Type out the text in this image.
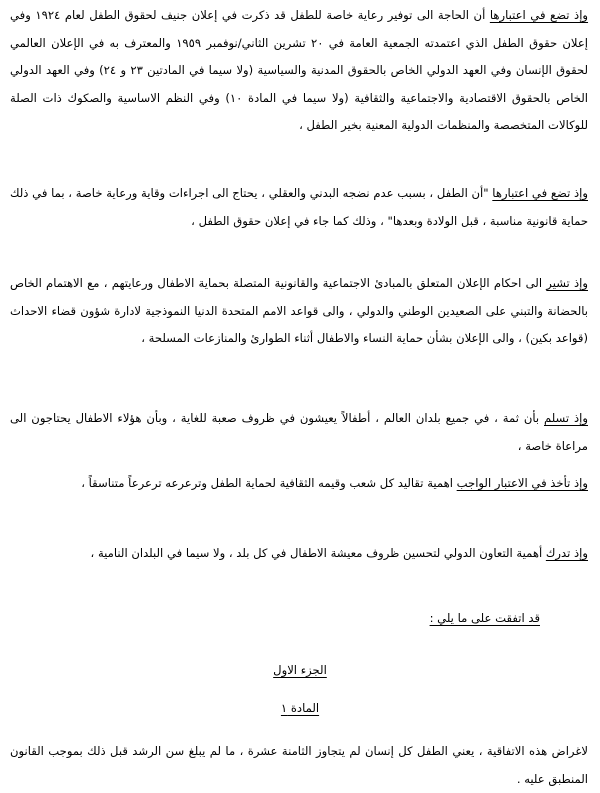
وإذ تضع في اعتبارها أن الحاجة الى توفير رعاية خاصة للطفل قد ذكرت في إعلان جنيف لحقوق الطفل لعام ١٩٢٤ وفي إعلان حقوق الطفل الذي اعتمدته الجمعية العامة في ٢٠ تشرين الثاني/نوفمبر ١٩٥٩ والمعترف به في الإعلان العالمي لحقوق الإنسان وفي العهد الدولي الخاص بالحقوق المدنية والسياسية (ولا سيما في المادتين ٢٣ و ٢٤) وفي العهد الدولي الخاص بالحقوق الاقتصادية والاجتماعية والثقافية (ولا سيما في المادة ١٠) وفي النظم الاساسية والصكوك ذات الصلة للوكالات المتخصصة والمنظمات الدولية المعنية بخير الطفل ،

وإذ تضع في اعتبارها "أن الطفل ، بسبب عدم نضجه البدني والعقلي ، يحتاج الى اجراءات وقاية ورعاية خاصة ، بما في ذلك حماية قانونية مناسبة ، قبل الولادة وبعدها" ، وذلك كما جاء في إعلان حقوق الطفل ،

وإذ تشير الى احكام الإعلان المتعلق بالمبادئ الاجتماعية والقانونية المتصلة بحماية الاطفال ورعايتهم ، مع الاهتمام الخاص بالحضانة والتبني على الصعيدين الوطني والدولي ، والى قواعد الامم المتحدة الدنيا النموذجية لادارة شؤون قضاء الاحداث (قواعد بكين) ، والى الإعلان بشأن حماية النساء والاطفال أثناء الطوارئ والمنازعات المسلحة ،

وإذ تسلم بأن ثمة ، في جميع بلدان العالم ، أطفالاً يعيشون في ظروف صعبة للغاية ، وبأن هؤلاء الاطفال يحتاجون الى مراعاة خاصة ،

وإذ تأخذ في الاعتبار الواجب اهمية تقاليد كل شعب وقيمه الثقافية لحماية الطفل وترعرعه ترعرعاً متناسقاً ،

وإذ تدرك أهمية التعاون الدولي لتحسين ظروف معيشة الاطفال في كل بلد ، ولا سيما في البلدان النامية ،

قد اتفقت على ما يلي :
الجزء الاول
المادة ١

لاغراض هذه الاتفاقية ، يعني الطفل كل إنسان لم يتجاوز الثامنة عشرة ، ما لم يبلغ سن الرشد قبل ذلك بموجب القانون المنطبق عليه .
